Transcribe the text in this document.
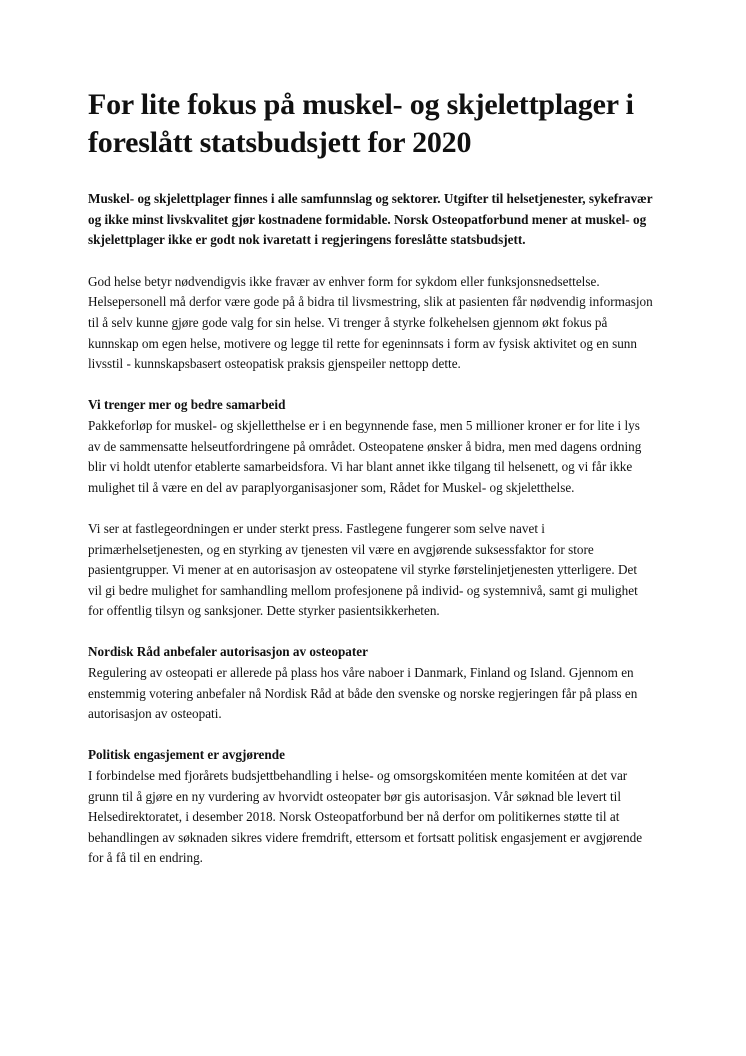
For lite fokus på muskel- og skjelettplager i foreslått statsbudsjett for 2020

Muskel- og skjelettplager finnes i alle samfunnslag og sektorer. Utgifter til helsetjenester, sykefravær og ikke minst livskvalitet gjør kostnadene formidable. Norsk Osteopatforbund mener at muskel- og skjelettplager ikke er godt nok ivaretatt i regjeringens foreslåtte statsbudsjett.

God helse betyr nødvendigvis ikke fravær av enhver form for sykdom eller funksjonsnedsettelse. Helsepersonell må derfor være gode på å bidra til livsmestring, slik at pasienten får nødvendig informasjon til å selv kunne gjøre gode valg for sin helse. Vi trenger å styrke folkehelsen gjennom økt fokus på kunnskap om egen helse, motivere og legge til rette for egeninnsats i form av fysisk aktivitet og en sunn livsstil - kunnskapsbasert osteopatisk praksis gjenspeiler nettopp dette.

Vi trenger mer og bedre samarbeid

Pakkeforløp for muskel- og skjelletthelse er i en begynnende fase, men 5 millioner kroner er for lite i lys av de sammensatte helseutfordringene på området. Osteopatene ønsker å bidra, men med dagens ordning blir vi holdt utenfor etablerte samarbeidsfora. Vi har blant annet ikke tilgang til helsenett, og vi får ikke mulighet til å være en del av paraplyorganisasjoner som, Rådet for Muskel- og skjeletthelse.

Vi ser at fastlegeordningen er under sterkt press. Fastlegene fungerer som selve navet i primærhelsetjenesten, og en styrking av tjenesten vil være en avgjørende suksessfaktor for store pasientgrupper. Vi mener at en autorisasjon av osteopatene vil styrke førstelinjetjenesten ytterligere. Det vil gi bedre mulighet for samhandling mellom profesjonene på individ- og systemnivå, samt gi mulighet for offentlig tilsyn og sanksjoner. Dette styrker pasientsikkerheten.

Nordisk Råd anbefaler autorisasjon av osteopater

Regulering av osteopati er allerede på plass hos våre naboer i Danmark, Finland og Island. Gjennom en enstemmig votering anbefaler nå Nordisk Råd at både den svenske og norske regjeringen får på plass en autorisasjon av osteopati.

Politisk engasjement er avgjørende

I forbindelse med fjorårets budsjettbehandling i helse- og omsorgskomitéen mente komitéen at det var grunn til å gjøre en ny vurdering av hvorvidt osteopater bør gis autorisasjon. Vår søknad ble levert til Helsedirektoratet, i desember 2018. Norsk Osteopatforbund ber nå derfor om politikernes støtte til at behandlingen av søknaden sikres videre fremdrift, ettersom et fortsatt politisk engasjement er avgjørende for å få til en endring.
